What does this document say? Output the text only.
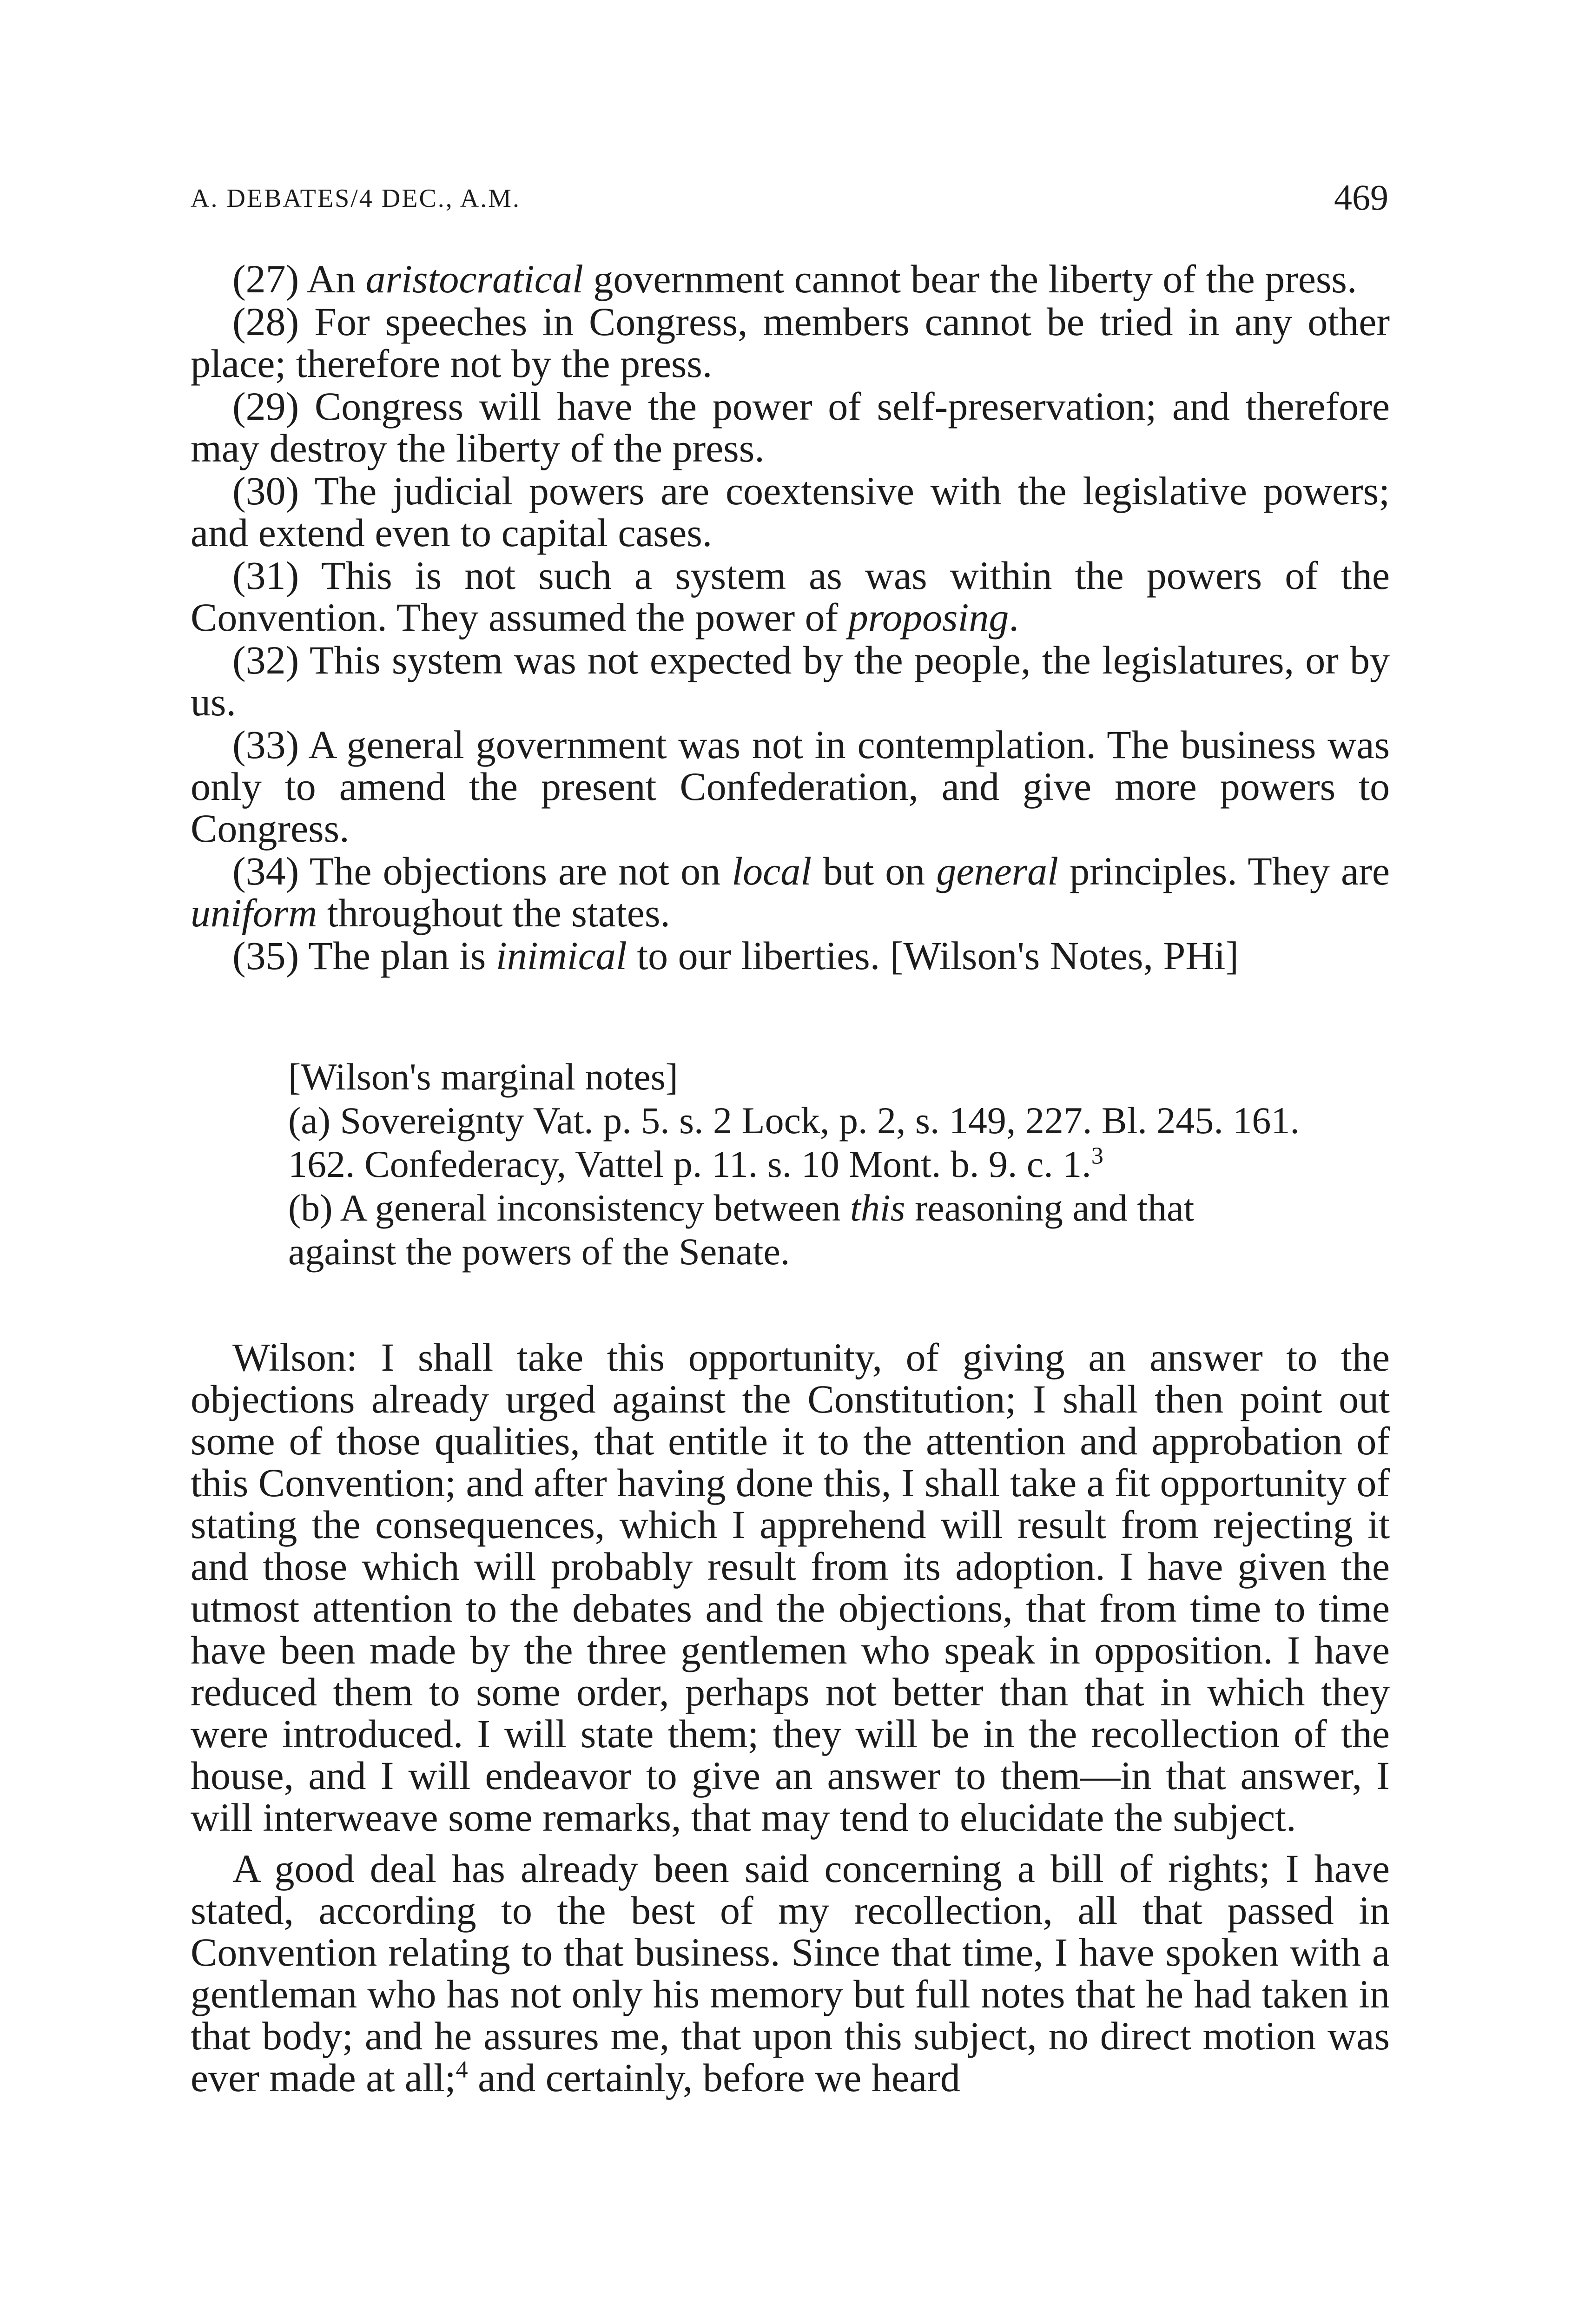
A. DEBATES/4 DEC., A.M.	469

(27) An aristocratical government cannot bear the liberty of the press.

(28) For speeches in Congress, members cannot be tried in any other place; therefore not by the press.

(29) Congress will have the power of self-preservation; and therefore may destroy the liberty of the press.

(30) The judicial powers are coextensive with the legislative powers; and extend even to capital cases.

(31) This is not such a system as was within the powers of the Convention. They assumed the power of proposing.

(32) This system was not expected by the people, the legislatures, or by us.

(33) A general government was not in contemplation. The business was only to amend the present Confederation, and give more powers to Congress.

(34) The objections are not on local but on general principles. They are uniform throughout the states.

(35) The plan is inimical to our liberties. [Wilson's Notes, PHi]

[Wilson's marginal notes]

(a) Sovereignty Vat. p. 5. s. 2 Lock, p. 2, s. 149, 227. Bl. 245. 161. 162. Confederacy, Vattel p. 11. s. 10 Mont. b. 9. c. 1.$^3$

(b) A general inconsistency between this reasoning and that against the powers of the Senate.

Wilson: I shall take this opportunity, of giving an answer to the objections already urged against the Constitution; I shall then point out some of those qualities, that entitle it to the attention and approbation of this Convention; and after having done this, I shall take a fit opportunity of stating the consequences, which I apprehend will result from rejecting it and those which will probably result from its adoption. I have given the utmost attention to the debates and the objections, that from time to time have been made by the three gentlemen who speak in opposition. I have reduced them to some order, perhaps not better than that in which they were introduced. I will state them; they will be in the recollection of the house, and I will endeavor to give an answer to them—in that answer, I will interweave some remarks, that may tend to elucidate the subject.

A good deal has already been said concerning a bill of rights; I have stated, according to the best of my recollection, all that passed in Convention relating to that business. Since that time, I have spoken with a gentleman who has not only his memory but full notes that he had taken in that body; and he assures me, that upon this subject, no direct motion was ever made at all;$^4$ and certainly, before we heard
